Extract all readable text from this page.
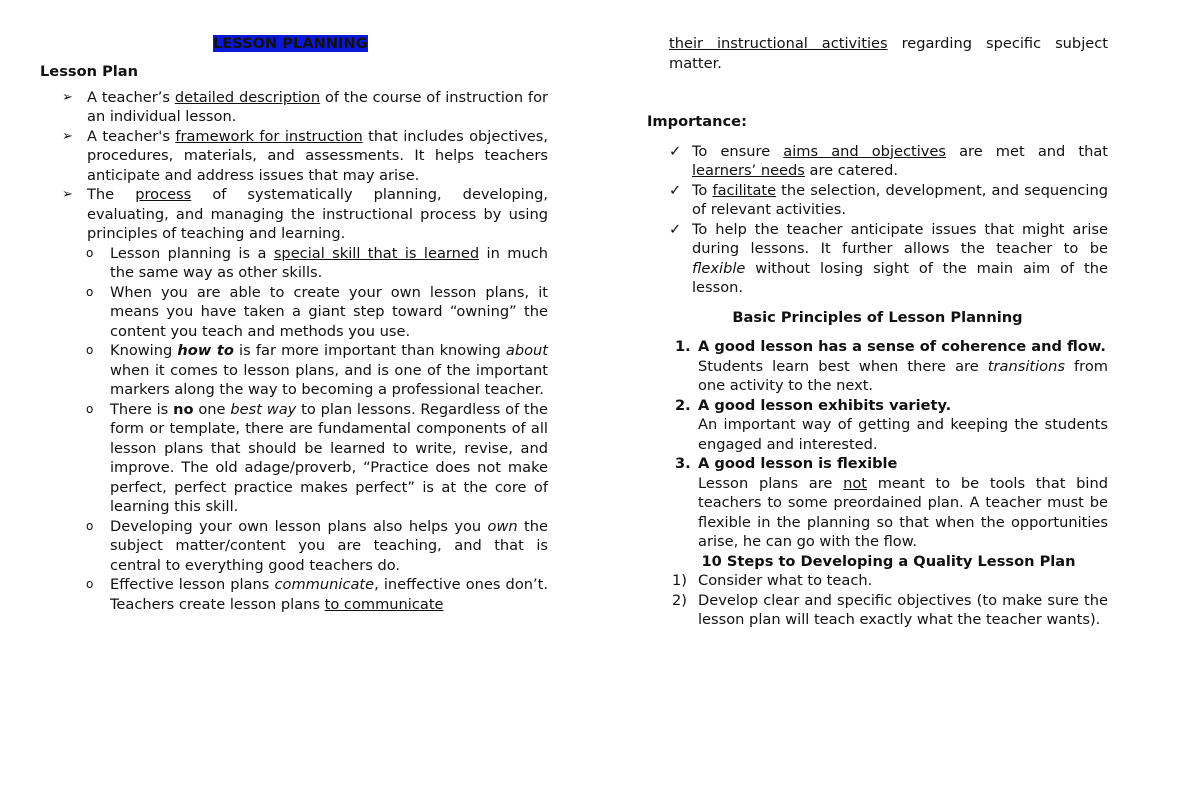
LESSON PLANNING
Lesson Plan
➢ A teacher’s detailed description of the course of instruction for an individual lesson.
➢ A teacher's framework for instruction that includes objectives, procedures, materials, and assessments. It helps teachers anticipate and address issues that may arise.
➢ The process of systematically planning, developing, evaluating, and managing the instructional process by using principles of teaching and learning.
o Lesson planning is a special skill that is learned in much the same way as other skills.
o When you are able to create your own lesson plans, it means you have taken a giant step toward “owning” the content you teach and methods you use.
o Knowing how to is far more important than knowing about when it comes to lesson plans, and is one of the important markers along the way to becoming a professional teacher.
o There is no one best way to plan lessons. Regardless of the form or template, there are fundamental components of all lesson plans that should be learned to write, revise, and improve. The old adage/proverb, “Practice does not make perfect, perfect practice makes perfect” is at the core of learning this skill.
o Developing your own lesson plans also helps you own the subject matter/content you are teaching, and that is central to everything good teachers do.
o Effective lesson plans communicate, ineffective ones don’t. Teachers create lesson plans to communicate
their instructional activities regarding specific subject matter.
Importance:
✓ To ensure aims and objectives are met and that learners’ needs are catered.
✓ To facilitate the selection, development, and sequencing of relevant activities.
✓ To help the teacher anticipate issues that might arise during lessons. It further allows the teacher to be flexible without losing sight of the main aim of the lesson.
Basic Principles of Lesson Planning
1. A good lesson has a sense of coherence and flow.
Students learn best when there are transitions from one activity to the next.
2. A good lesson exhibits variety.
An important way of getting and keeping the students engaged and interested.
3. A good lesson is flexible
Lesson plans are not meant to be tools that bind teachers to some preordained plan. A teacher must be flexible in the planning so that when the opportunities arise, he can go with the flow.
10 Steps to Developing a Quality Lesson Plan
1) Consider what to teach.
2) Develop clear and specific objectives (to make sure the lesson plan will teach exactly what the teacher wants).
